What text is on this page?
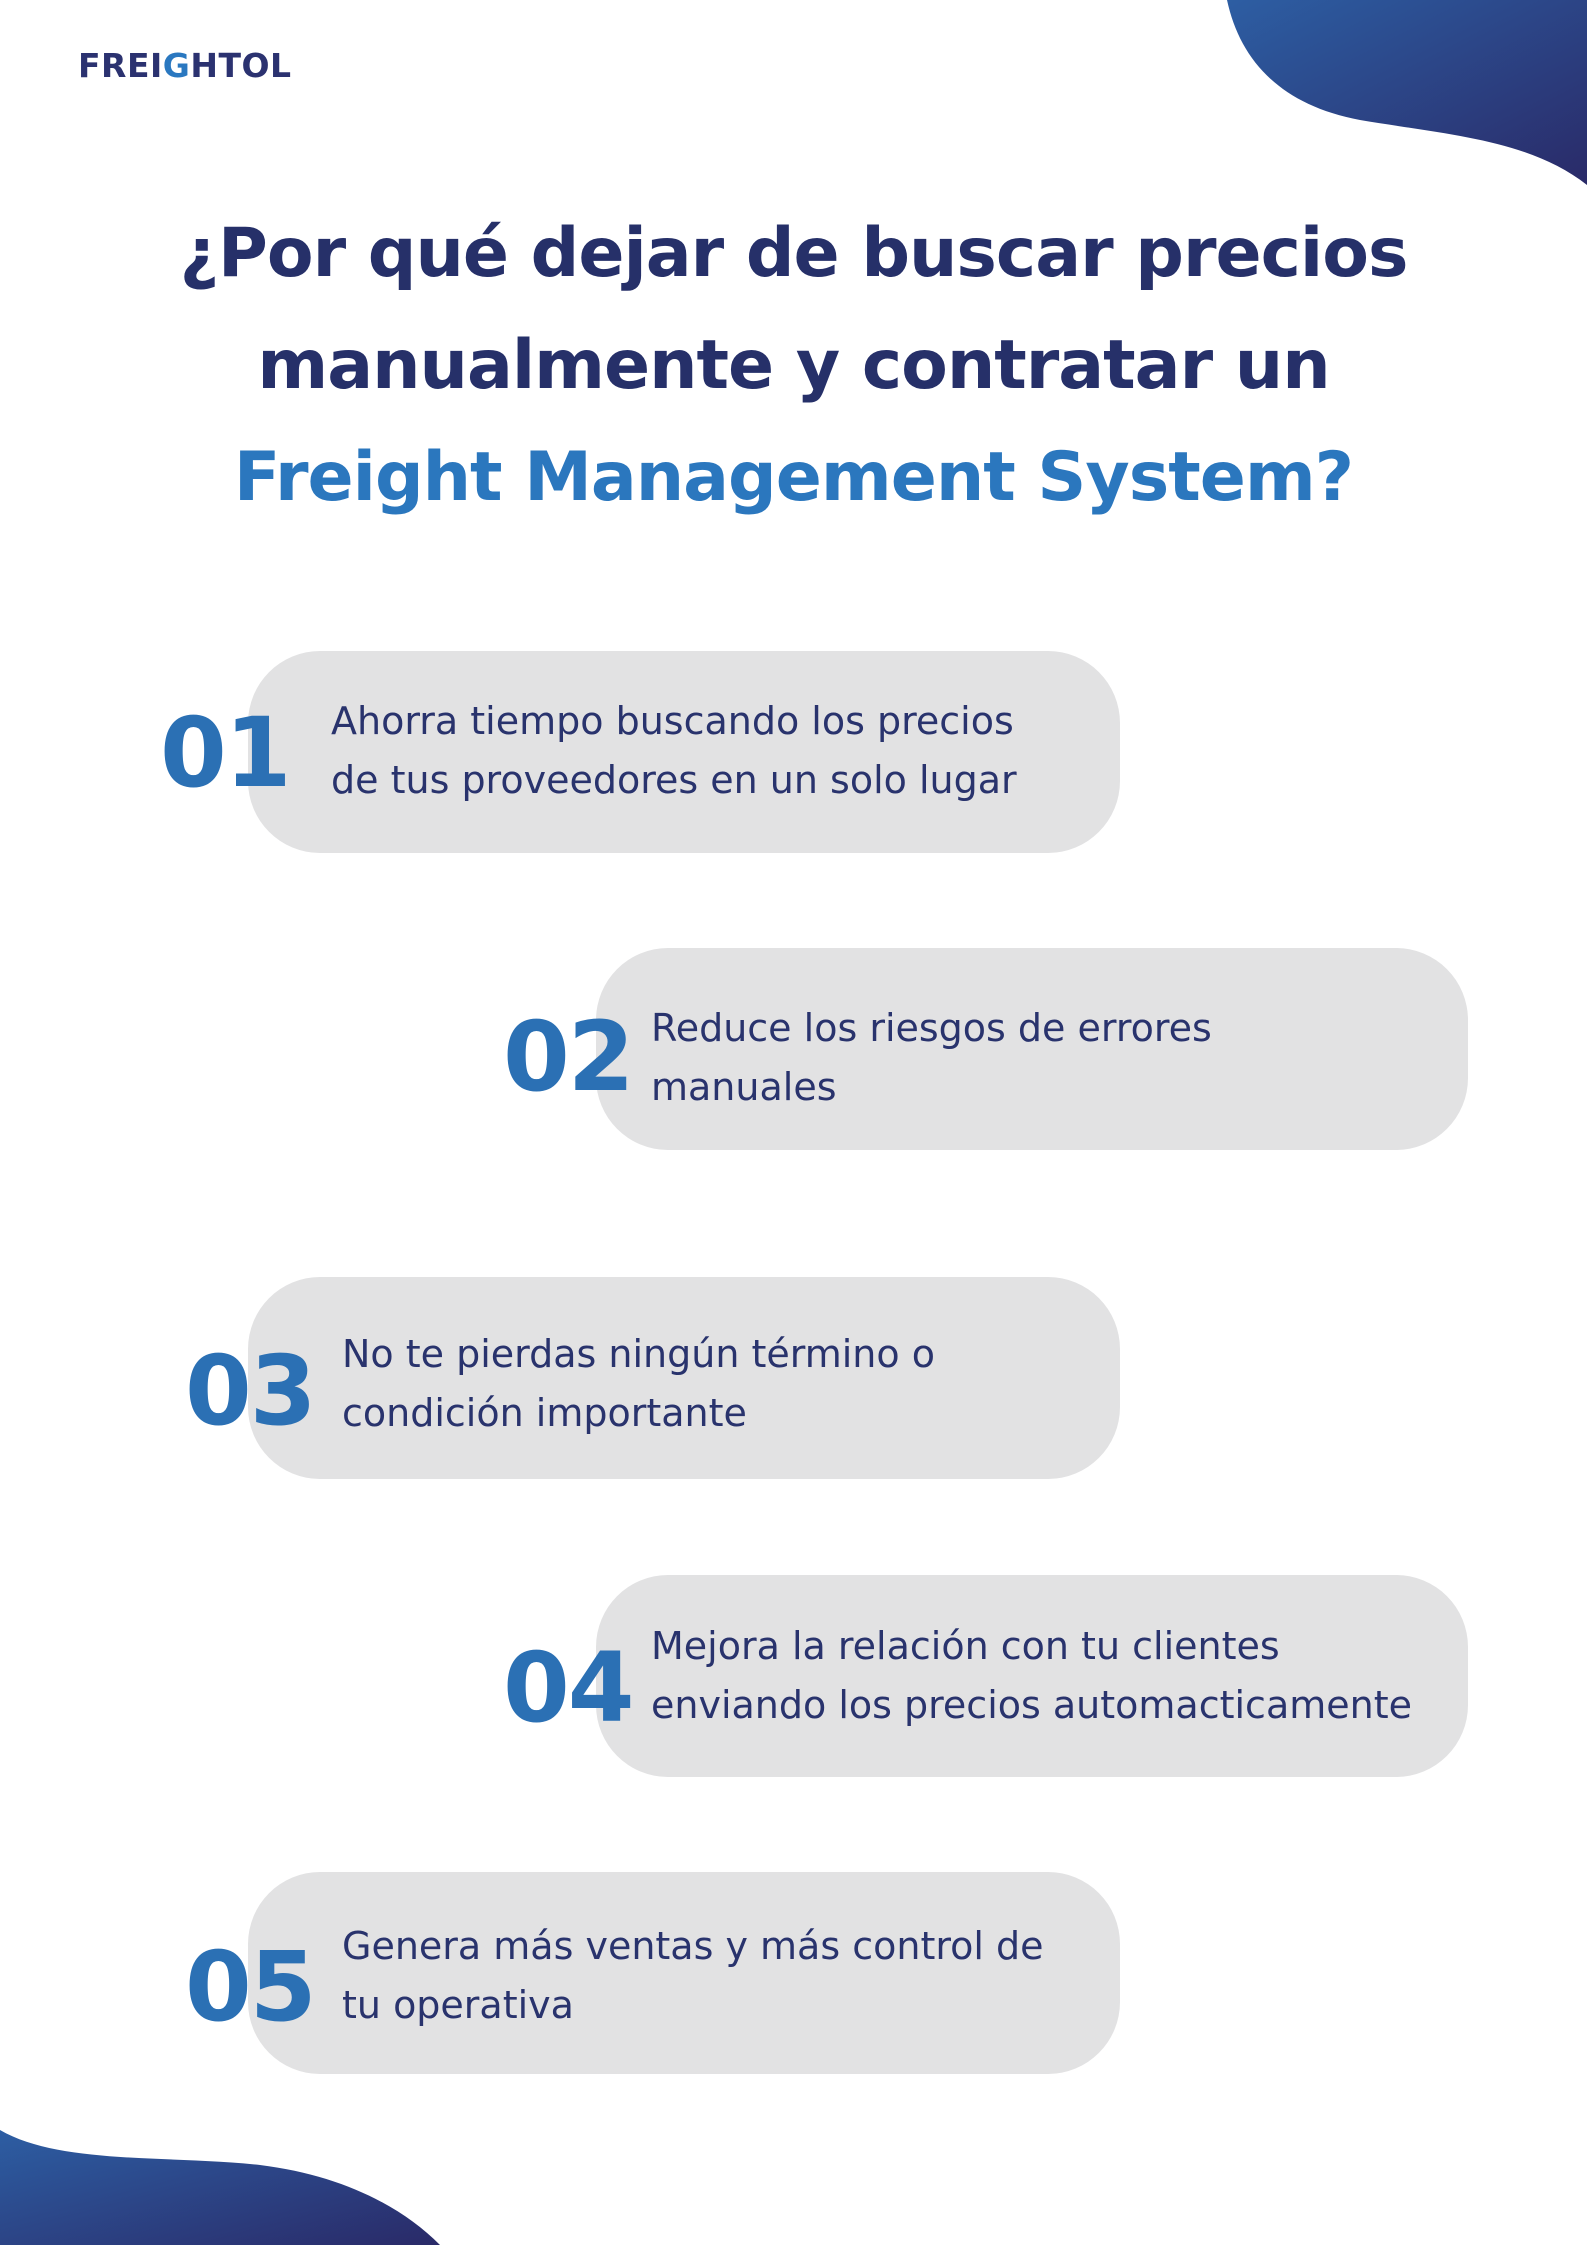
FREIGHTOL
¿Por qué dejar de buscar precios
manualmente y contratar un
Freight Management System?
01 Ahorra tiempo buscando los precios
de tus proveedores en un solo lugar
02 Reduce los riesgos de errores
manuales
03 No te pierdas ningún término o
condición importante
04 Mejora la relación con tu clientes
enviando los precios automacticamente
05 Genera más ventas y más control de
tu operativa
